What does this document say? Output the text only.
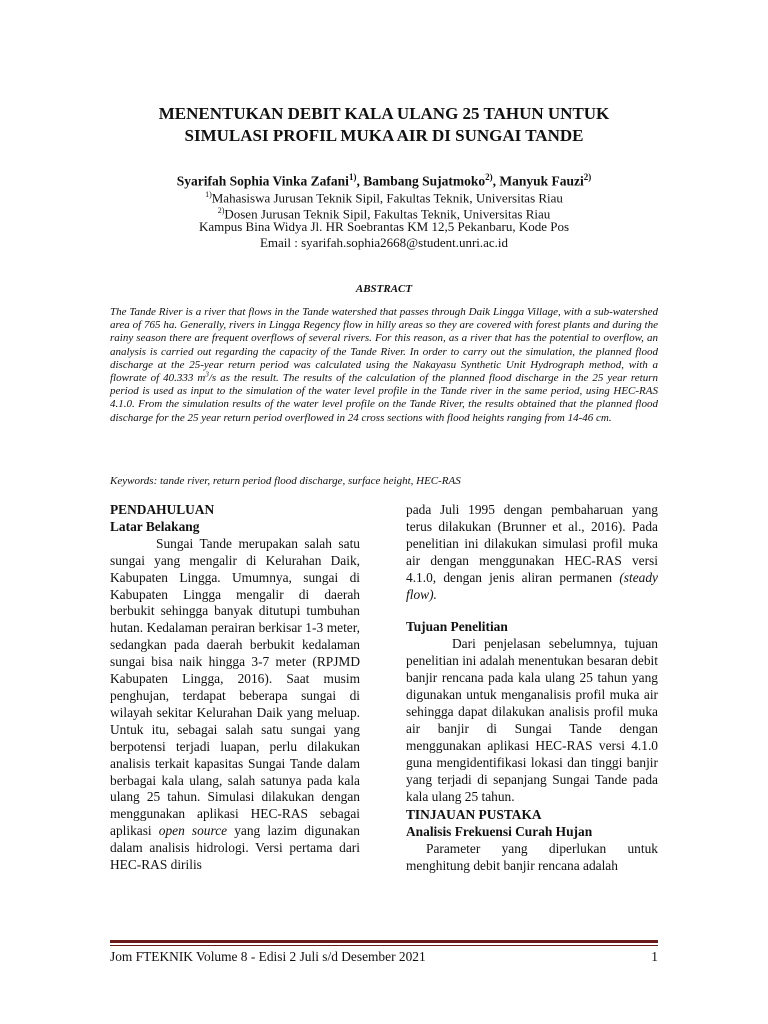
MENENTUKAN DEBIT KALA ULANG 25 TAHUN UNTUK
SIMULASI PROFIL MUKA AIR DI SUNGAI TANDE

Syarifah Sophia Vinka Zafani$^{1)}$, Bambang Sujatmoko$^{2)}$, Manyuk Fauzi$^{2)}$

$^{1)}$Mahasiswa Jurusan Teknik Sipil, Fakultas Teknik, Universitas Riau

$^{2)}$Dosen Jurusan Teknik Sipil, Fakultas Teknik, Universitas Riau

Kampus Bina Widya Jl. HR Soebrantas KM 12,5 Pekanbaru, Kode Pos

Email : syarifah.sophia2668@student.unri.ac.id

ABSTRACT

The Tande River is a river that flows in the Tande watershed that passes through Daik Lingga Village, with a sub-watershed area of 765 ha. Generally, rivers in Lingga Regency flow in hilly areas so they are covered with forest plants and during the rainy season there are frequent overflows of several rivers. For this reason, as a river that has the potential to overflow, an analysis is carried out regarding the capacity of the Tande River. In order to carry out the simulation, the planned flood discharge at the 25-year return period was calculated using the Nakayasu Synthetic Unit Hydrograph method, with a flowrate of 40.333 $m^3/s$ as the result. The results of the calculation of the planned flood discharge in the 25 year return period is used as input to the simulation of the water level profile in the Tande river in the same period, using HEC-RAS 4.1.0. From the simulation results of the water level profile on the Tande River, the results obtained that the planned flood discharge for the 25 year return period overflowed in 24 cross sections with flood heights ranging from 14-46 cm.

Keywords: tande river, return period flood discharge, surface height, HEC-RAS

PENDAHULUAN

Latar Belakang

Sungai Tande merupakan salah satu sungai yang mengalir di Kelurahan Daik, Kabupaten Lingga. Umumnya, sungai di Kabupaten Lingga mengalir di daerah berbukit sehingga banyak ditutupi tumbuhan hutan. Kedalaman perairan berkisar 1-3 meter, sedangkan pada daerah berbukit kedalaman sungai bisa naik hingga 3-7 meter (RPJMD Kabupaten Lingga, 2016). Saat musim penghujan, terdapat beberapa sungai di wilayah sekitar Kelurahan Daik yang meluap. Untuk itu, sebagai salah satu sungai yang berpotensi terjadi luapan, perlu dilakukan analisis terkait kapasitas Sungai Tande dalam berbagai kala ulang, salah satunya pada kala ulang 25 tahun. Simulasi dilakukan dengan menggunakan aplikasi HEC-RAS sebagai aplikasi open source yang lazim digunakan dalam analisis hidrologi. Versi pertama dari HEC-RAS dirilis

pada Juli 1995 dengan pembaharuan yang terus dilakukan (Brunner et al., 2016). Pada penelitian ini dilakukan simulasi profil muka air dengan menggunakan HEC-RAS versi 4.1.0, dengan jenis aliran permanen (steady flow).

Tujuan Penelitian

Dari penjelasan sebelumnya, tujuan penelitian ini adalah menentukan besaran debit banjir rencana pada kala ulang 25 tahun yang digunakan untuk menganalisis profil muka air sehingga dapat dilakukan analisis profil muka air banjir di Sungai Tande dengan menggunakan aplikasi HEC-RAS versi 4.1.0 guna mengidentifikasi lokasi dan tinggi banjir yang terjadi di sepanjang Sungai Tande pada kala ulang 25 tahun.

TINJAUAN PUSTAKA

Analisis Frekuensi Curah Hujan

Parameter yang diperlukan untuk menghitung debit banjir rencana adalah

Jom FTEKNIK Volume 8 - Edisi 2 Juli s/d Desember 2021	1
